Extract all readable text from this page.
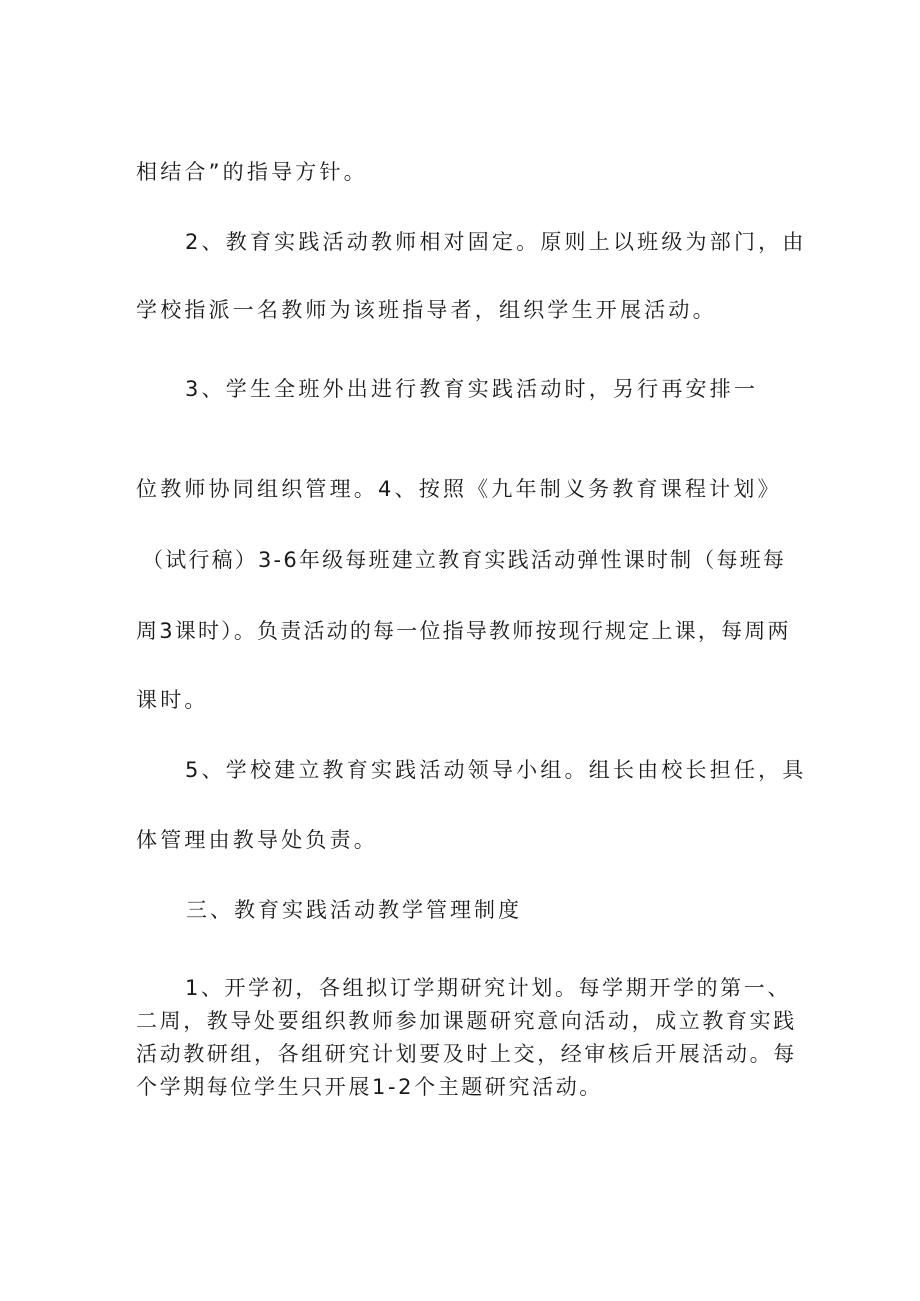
相结合”的指导方针。
2、教育实践活动教师相对固定。原则上以班级为部门，由
学校指派一名教师为该班指导者，组织学生开展活动。
3、学生全班外出进行教育实践活动时，另行再安排一
位教师协同组织管理。4、按照《九年制义务教育课程计划》
（试行稿）3-6年级每班建立教育实践活动弹性课时制（每班每
周3课时）。负责活动的每一位指导教师按现行规定上课，每周两
课时。
5、学校建立教育实践活动领导小组。组长由校长担任，具
体管理由教导处负责。
三、教育实践活动教学管理制度
1、开学初，各组拟订学期研究计划。每学期开学的第一、
二周，教导处要组织教师参加课题研究意向活动，成立教育实践
活动教研组，各组研究计划要及时上交，经审核后开展活动。每
个学期每位学生只开展1-2个主题研究活动。
